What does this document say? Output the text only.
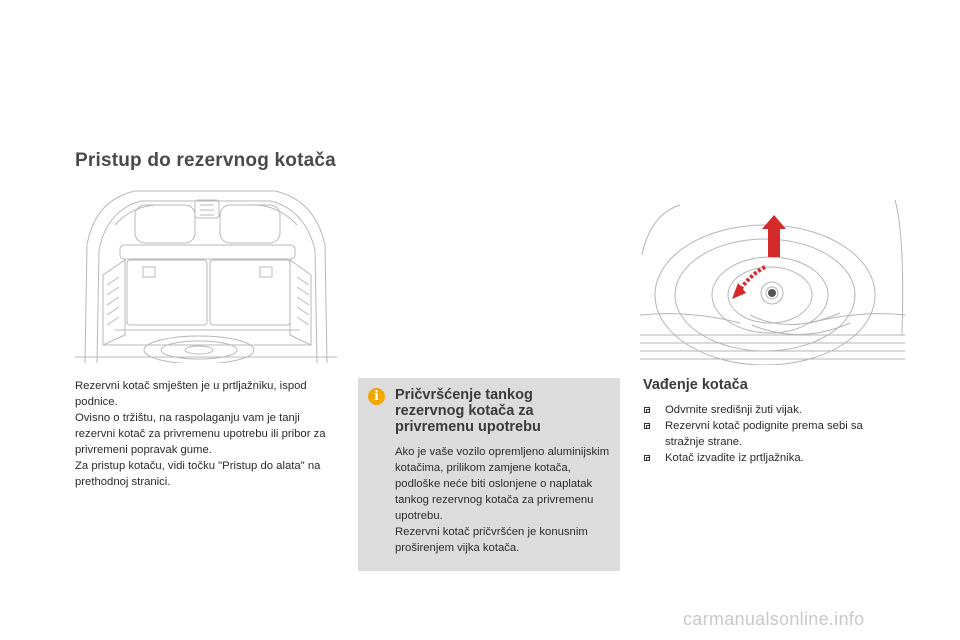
Pristup do rezervnog kotača

Rezervni kotač smješten je u prtljažniku, ispod podnice.

Ovisno o tržištu, na raspolaganju vam je tanji rezervni kotač za privremenu upotrebu ili pribor za privremeni popravak gume.

Za pristup kotaču, vidi točku "Pristup do alata" na prethodnoj stranici.

i	Pričvršćenje tankog rezervnog kotača za privremenu upotrebu

Ako je vaše vozilo opremljeno aluminijskim kotačima, prilikom zamjene kotača, podloške neće biti oslonjene o naplatak tankog rezervnog kotača za privremenu upotrebu.

Rezervni kotač pričvršćen je konusnim proširenjem vijka kotača.

Vađenje kotača
Odvrnite središnji žuti vijak.
Rezervni kotač podignite prema sebi sa stražnje strane.
Kotač izvadite iz prtljažnika.
carmanualsonline.info
